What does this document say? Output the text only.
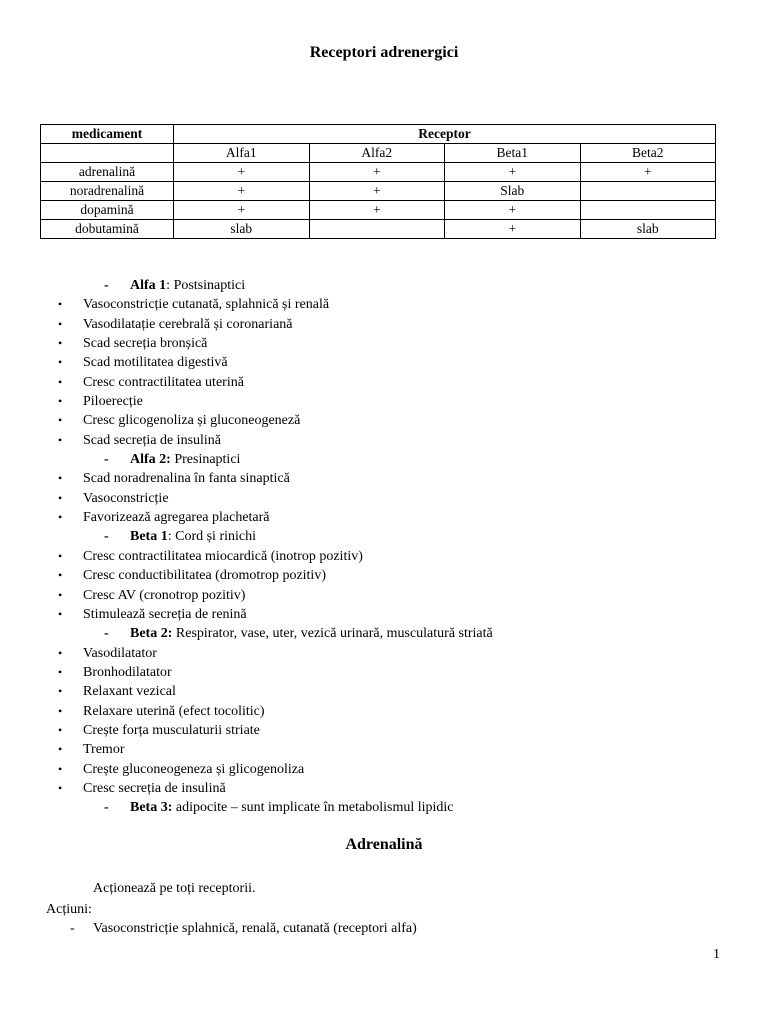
Receptori adrenergici
medicament	Receptor			
	Alfa1	Alfa2	Beta1	Beta2
adrenalină	+	+	+	+
noradrenalină	+	+	Slab	
dopamină	+	+	+	
dobutamină	slab		+	slab
- Alfa 1: Postsinaptici
• Vasoconstricție cutanată, splahnică și renală
• Vasodilatație cerebrală și coronariană
• Scad secreția bronșică
• Scad motilitatea digestivă
• Cresc contractilitatea uterină
• Piloerecție
• Cresc glicogenoliza și gluconeogeneză
• Scad secreția de insulină
- Alfa 2: Presinaptici
• Scad noradrenalina în fanta sinaptică
• Vasoconstricție
• Favorizează agregarea plachetară
- Beta 1: Cord și rinichi
• Cresc contractilitatea miocardică (inotrop pozitiv)
• Cresc conductibilitatea (dromotrop pozitiv)
• Cresc AV (cronotrop pozitiv)
• Stimulează secreția de renină
- Beta 2: Respirator, vase, uter, vezică urinară, musculatură striată
• Vasodilatator
• Bronhodilatator
• Relaxant vezical
• Relaxare uterină (efect tocolitic)
• Crește forța musculaturii striate
• Tremor
• Crește gluconeogeneza și glicogenoliza
• Cresc secreția de insulină
- Beta 3: adipocite – sunt implicate în metabolismul lipidic
Adrenalină
Acționează pe toți receptorii.
Acțiuni:
- Vasoconstricție splahnică, renală, cutanată (receptori alfa)
1
